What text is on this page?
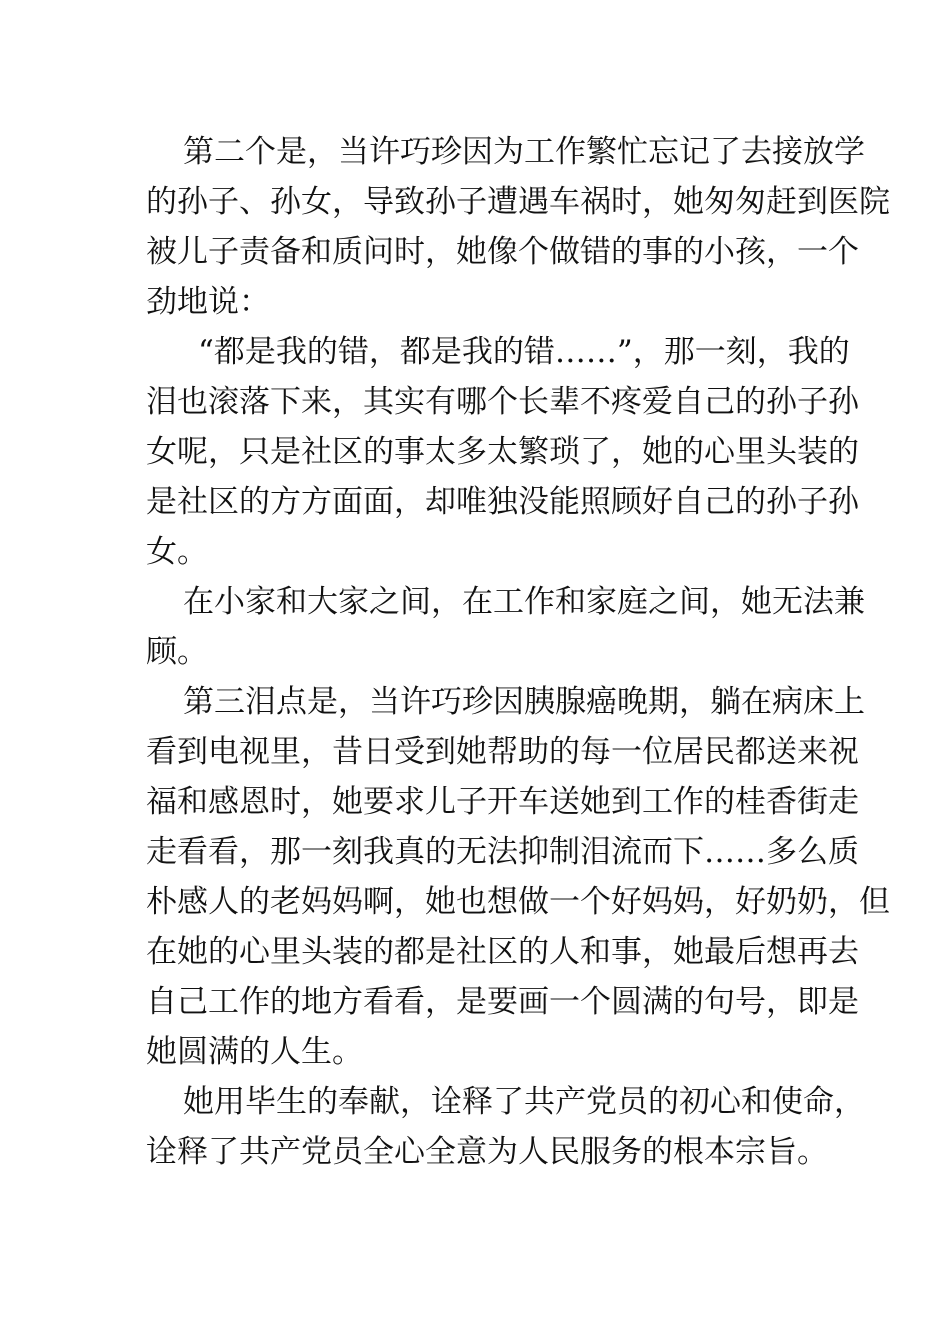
第二个是，当许巧珍因为工作繁忙忘记了去接放学
的孙子、孙女，导致孙子遭遇车祸时，她匆匆赶到医院
被儿子责备和质问时，她像个做错的事的小孩，一个
劲地说：
“都是我的错，都是我的错……”，那一刻，我的
泪也滚落下来，其实有哪个长辈不疼爱自己的孙子孙
女呢，只是社区的事太多太繁琐了，她的心里头装的
是社区的方方面面，却唯独没能照顾好自己的孙子孙
女。
在小家和大家之间，在工作和家庭之间，她无法兼
顾。
第三泪点是，当许巧珍因胰腺癌晚期，躺在病床上
看到电视里，昔日受到她帮助的每一位居民都送来祝
福和感恩时，她要求儿子开车送她到工作的桂香街走
走看看，那一刻我真的无法抑制泪流而下……多么质
朴感人的老妈妈啊，她也想做一个好妈妈，好奶奶，但
在她的心里头装的都是社区的人和事，她最后想再去
自己工作的地方看看，是要画一个圆满的句号，即是
她圆满的人生。
她用毕生的奉献，诠释了共产党员的初心和使命，
诠释了共产党员全心全意为人民服务的根本宗旨。
